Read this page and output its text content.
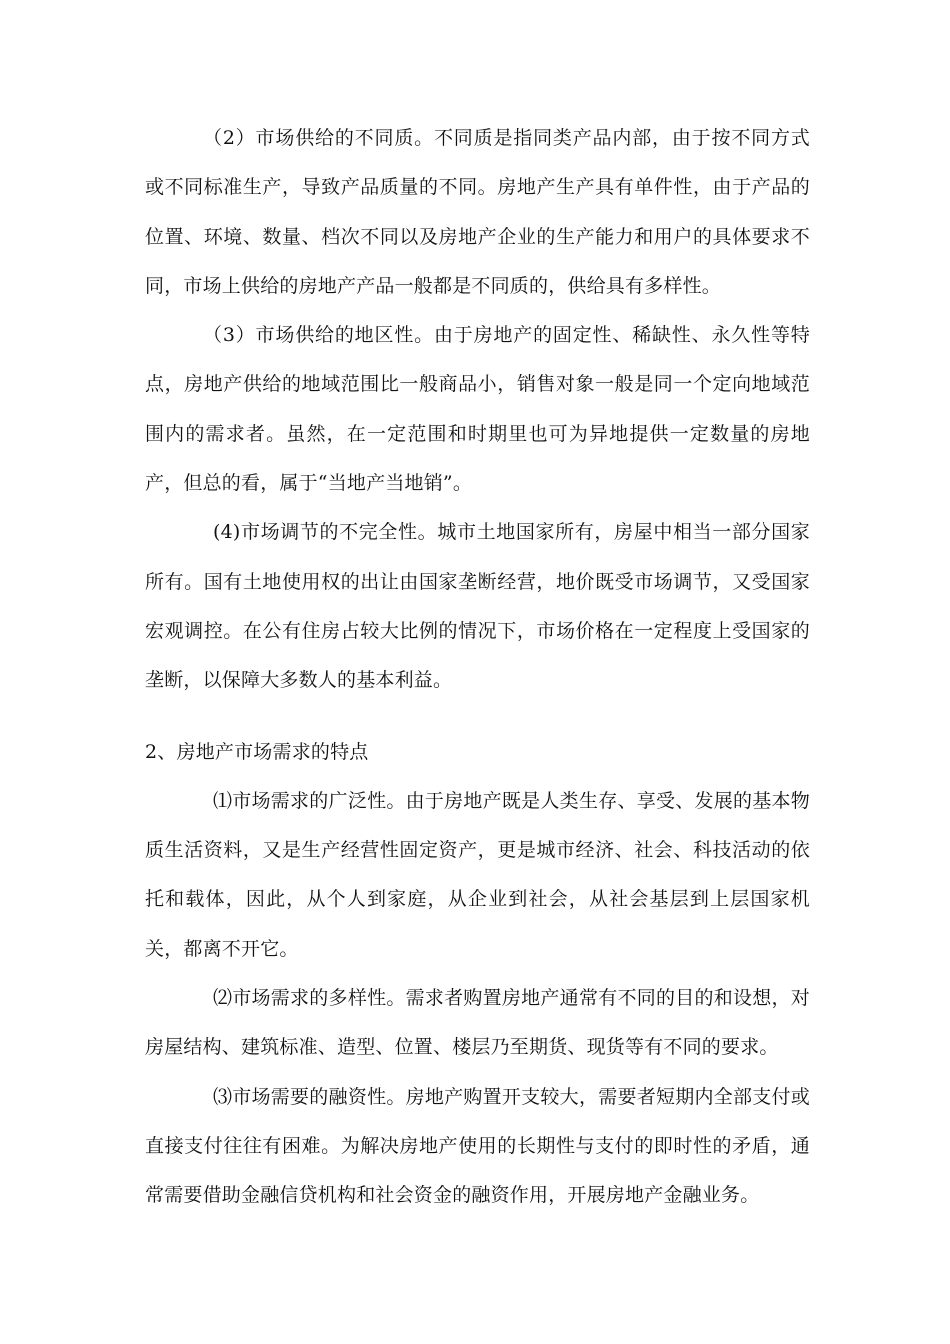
（2）市场供给的不同质。不同质是指同类产品内部，由于按不同方式或不同标准生产，导致产品质量的不同。房地产生产具有单件性，由于产品的位置、环境、数量、档次不同以及房地产企业的生产能力和用户的具体要求不同，市场上供给的房地产产品一般都是不同质的，供给具有多样性。

（3）市场供给的地区性。由于房地产的固定性、稀缺性、永久性等特点，房地产供给的地域范围比一般商品小，销售对象一般是同一个定向地域范围内的需求者。虽然，在一定范围和时期里也可为异地提供一定数量的房地产，但总的看，属于“当地产当地销”。

(4)市场调节的不完全性。城市土地国家所有，房屋中相当一部分国家所有。国有土地使用权的出让由国家垄断经营，地价既受市场调节，又受国家宏观调控。在公有住房占较大比例的情况下，市场价格在一定程度上受国家的垄断，以保障大多数人的基本利益。

2、房地产市场需求的特点

⑴市场需求的广泛性。由于房地产既是人类生存、享受、发展的基本物质生活资料，又是生产经营性固定资产，更是城市经济、社会、科技活动的依托和载体，因此，从个人到家庭，从企业到社会，从社会基层到上层国家机关，都离不开它。

⑵市场需求的多样性。需求者购置房地产通常有不同的目的和设想，对房屋结构、建筑标准、造型、位置、楼层乃至期货、现货等有不同的要求。

⑶市场需要的融资性。房地产购置开支较大，需要者短期内全部支付或直接支付往往有困难。为解决房地产使用的长期性与支付的即时性的矛盾，通常需要借助金融信贷机构和社会资金的融资作用，开展房地产金融业务。
